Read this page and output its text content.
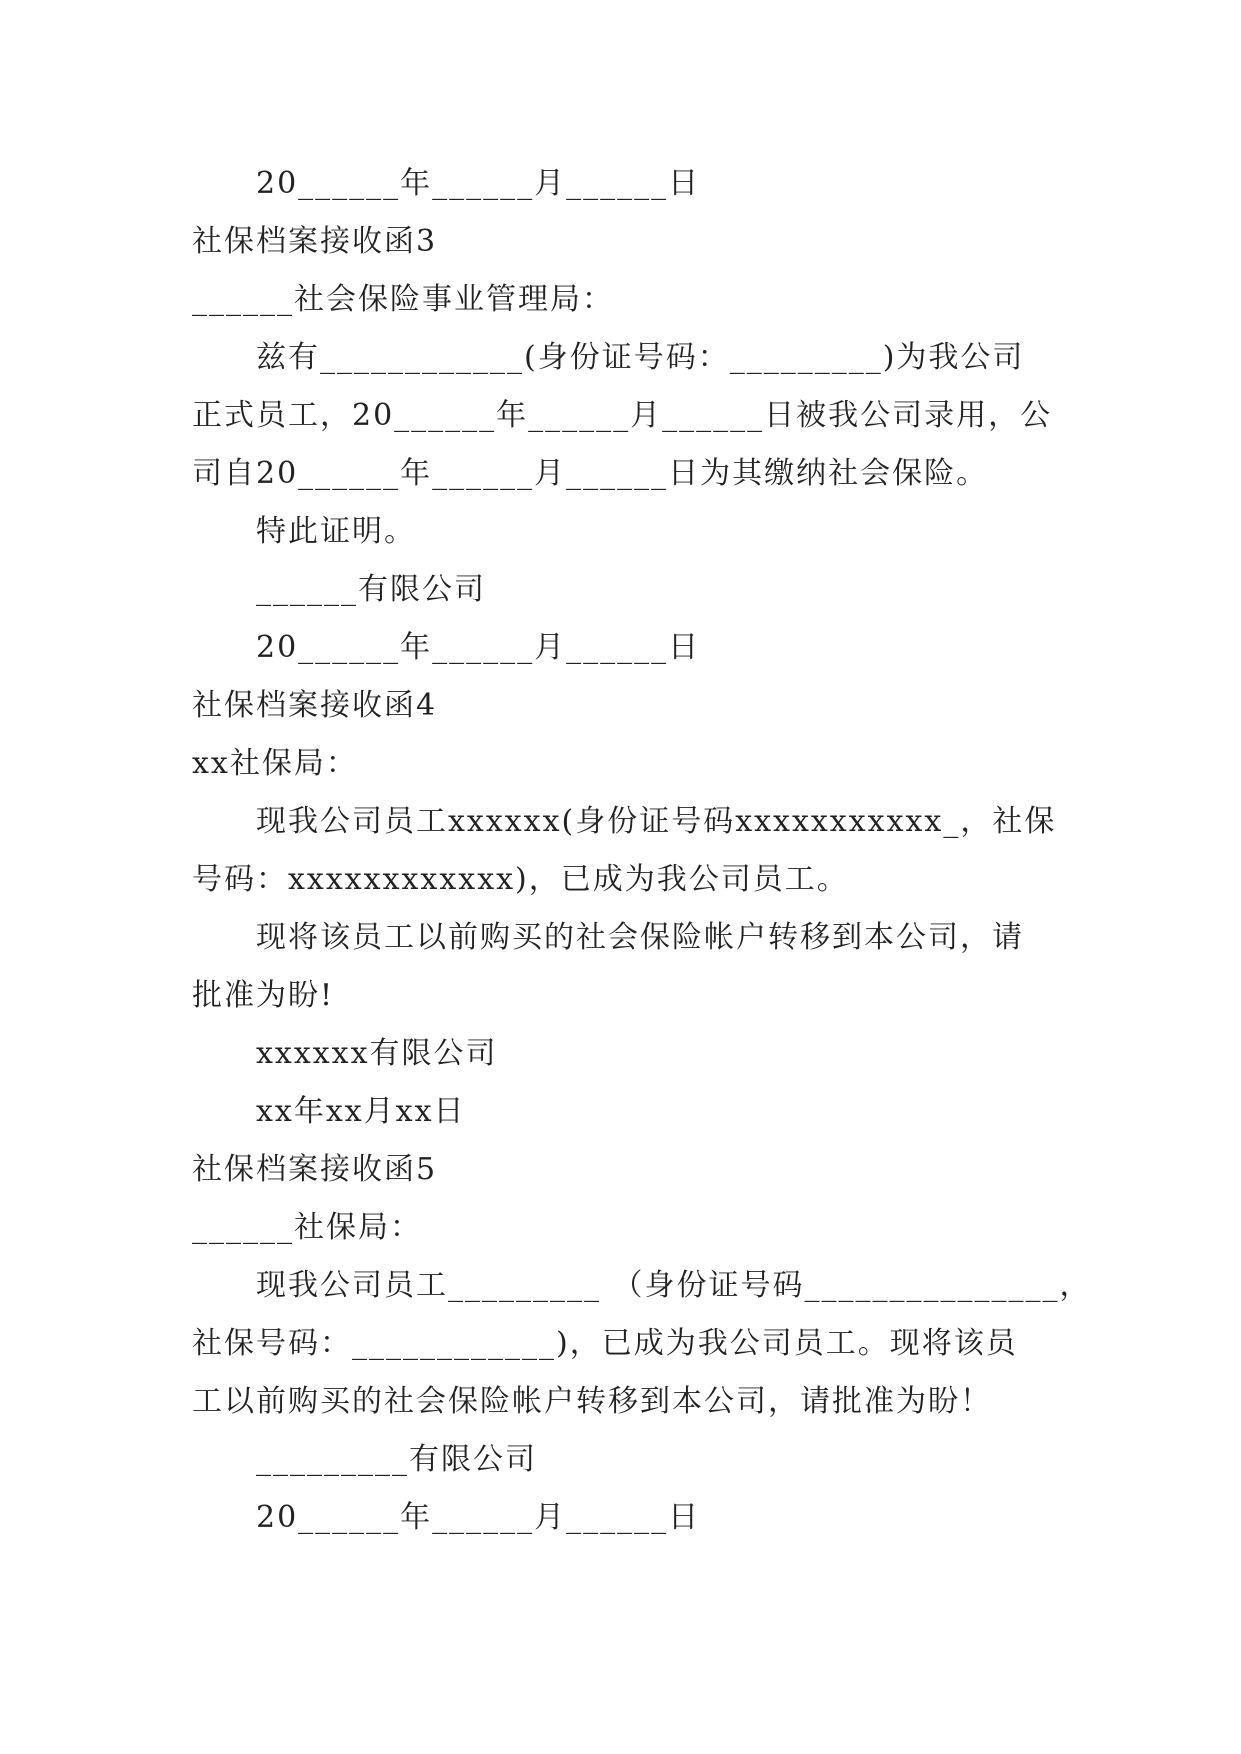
20______年______月______日

社保档案接收函3

______社会保险事业管理局：

兹有____________(身份证号码：_________)为我公司

正式员工，20______年______月______日被我公司录用，公

司自20______年______月______日为其缴纳社会保险。

特此证明。

______有限公司

20______年______月______日

社保档案接收函4

xx社保局：

现我公司员工xxxxxx(身份证号码xxxxxxxxxxx_，社保

号码：xxxxxxxxxxxx)，已成为我公司员工。

现将该员工以前购买的社会保险帐户转移到本公司，请

批准为盼!

xxxxxx有限公司

xx年xx月xx日

社保档案接收函5

______社保局：

现我公司员工_________ （身份证号码_______________，

社保号码：____________)，已成为我公司员工。现将该员

工以前购买的社会保险帐户转移到本公司，请批准为盼！

_________有限公司

20______年______月______日
